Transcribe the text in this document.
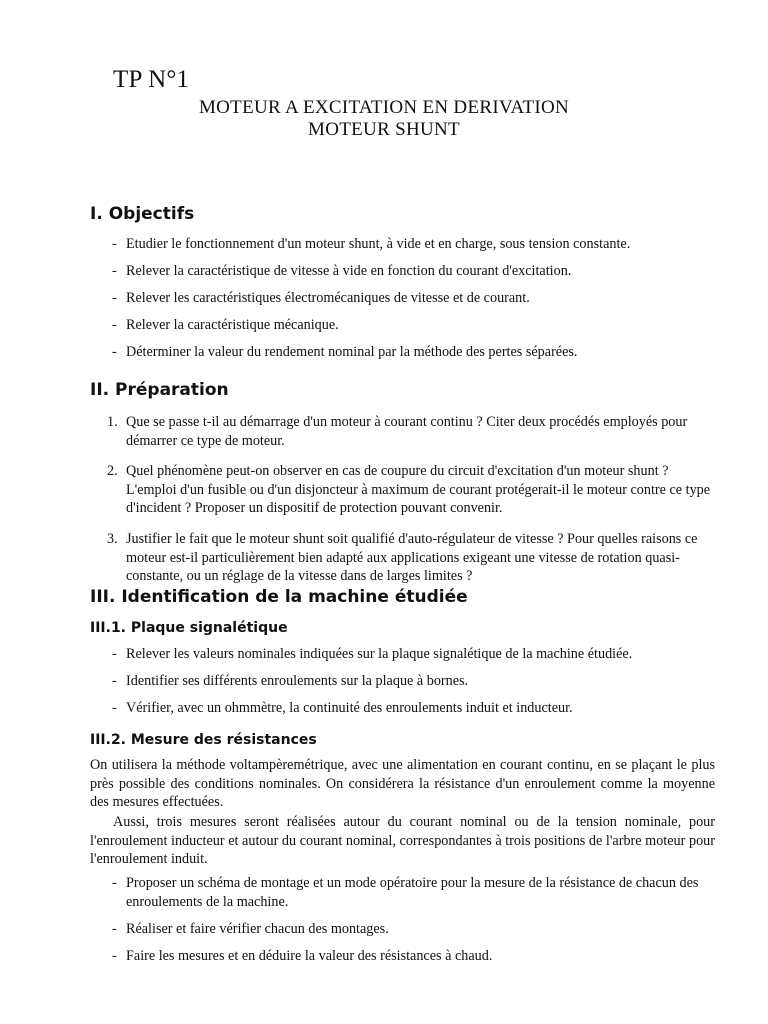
TP N°1

MOTEUR A EXCITATION EN DERIVATION

MOTEUR SHUNT

I. Objectifs
- Etudier le fonctionnement d'un moteur shunt, à vide et en charge, sous tension constante.
- Relever la caractéristique de vitesse à vide en fonction du courant d'excitation.
- Relever les caractéristiques électromécaniques de vitesse et de courant.
- Relever la caractéristique mécanique.
- Déterminer la valeur du rendement nominal par la méthode des pertes séparées.
II. Préparation
1. Que se passe t-il au démarrage d'un moteur à courant continu ? Citer deux procédés employés pour démarrer ce type de moteur.
2. Quel phénomène peut-on observer en cas de coupure du circuit d'excitation d'un moteur shunt ? L'emploi d'un fusible ou d'un disjoncteur à maximum de courant protégerait-il le moteur contre ce type d'incident ? Proposer un dispositif de protection pouvant convenir.
3. Justifier le fait que le moteur shunt soit qualifié d'auto-régulateur de vitesse ? Pour quelles raisons ce moteur est-il particulièrement bien adapté aux applications exigeant une vitesse de rotation quasi-constante, ou un réglage de la vitesse dans de larges limites ?
III. Identification de la machine étudiée
III.1. Plaque signalétique
- Relever les valeurs nominales indiquées sur la plaque signalétique de la machine étudiée.
- Identifier ses différents enroulements sur la plaque à bornes.
- Vérifier, avec un ohmmètre, la continuité des enroulements induit et inducteur.
III.2. Mesure des résistances

On utilisera la méthode voltampèremétrique, avec une alimentation en courant continu, en se plaçant le plus près possible des conditions nominales. On considérera la résistance d'un enroulement comme la moyenne des mesures effectuées.

Aussi, trois mesures seront réalisées autour du courant nominal ou de la tension nominale, pour l'enroulement inducteur et autour du courant nominal, correspondantes à trois positions de l'arbre moteur pour l'enroulement induit.

- Proposer un schéma de montage et un mode opératoire pour la mesure de la résistance de chacun des enroulements de la machine.
- Réaliser et faire vérifier chacun des montages.
- Faire les mesures et en déduire la valeur des résistances à chaud.
